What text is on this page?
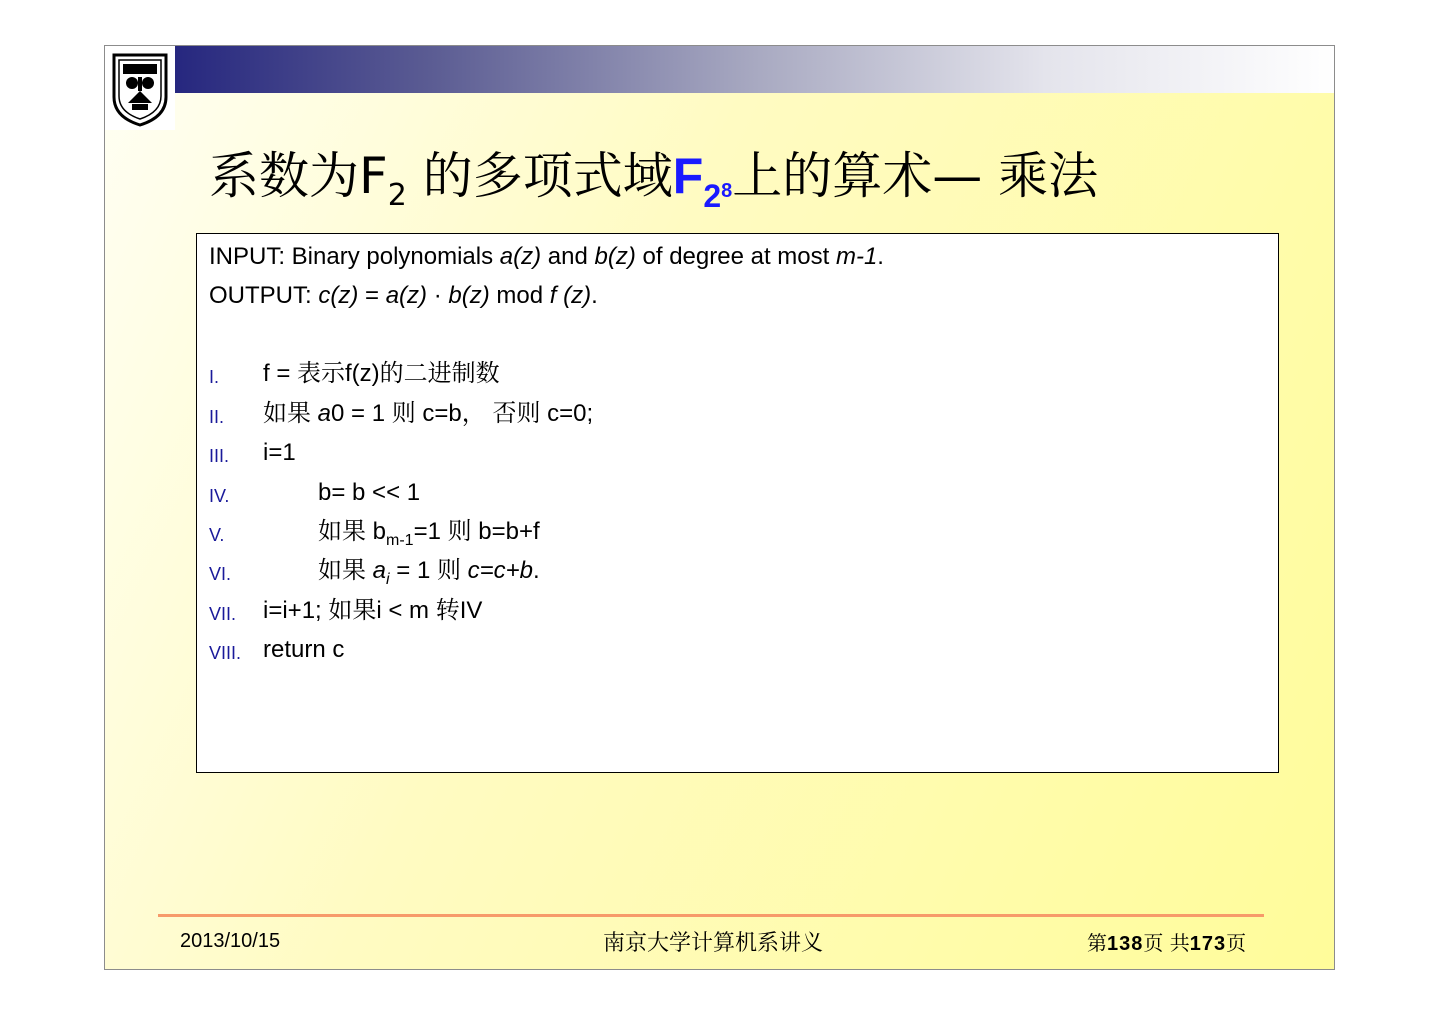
系数为$F_2$ 的多项式域$F_28$上的算术— 乘法
INPUT: Binary polynomials a(z) and b(z) of degree at most m-1.
OUTPUT: c(z) = a(z) · b(z) mod f (z).
I. f = 表示f(z)的二进制数
II. 如果 a0 = 1 则 c=b， 否则 c=0;
III. i=1
IV.	b= b << 1
V.	如果 $b_{m-1}=1$ 则 b=b+f
VI.	如果 $a_i = 1$ 则 c=c+b.
VII. i=i+1; 如果i < m 转IV
VIII. return c
2013/10/15	南京大学计算机系讲义	第138页 共173页
